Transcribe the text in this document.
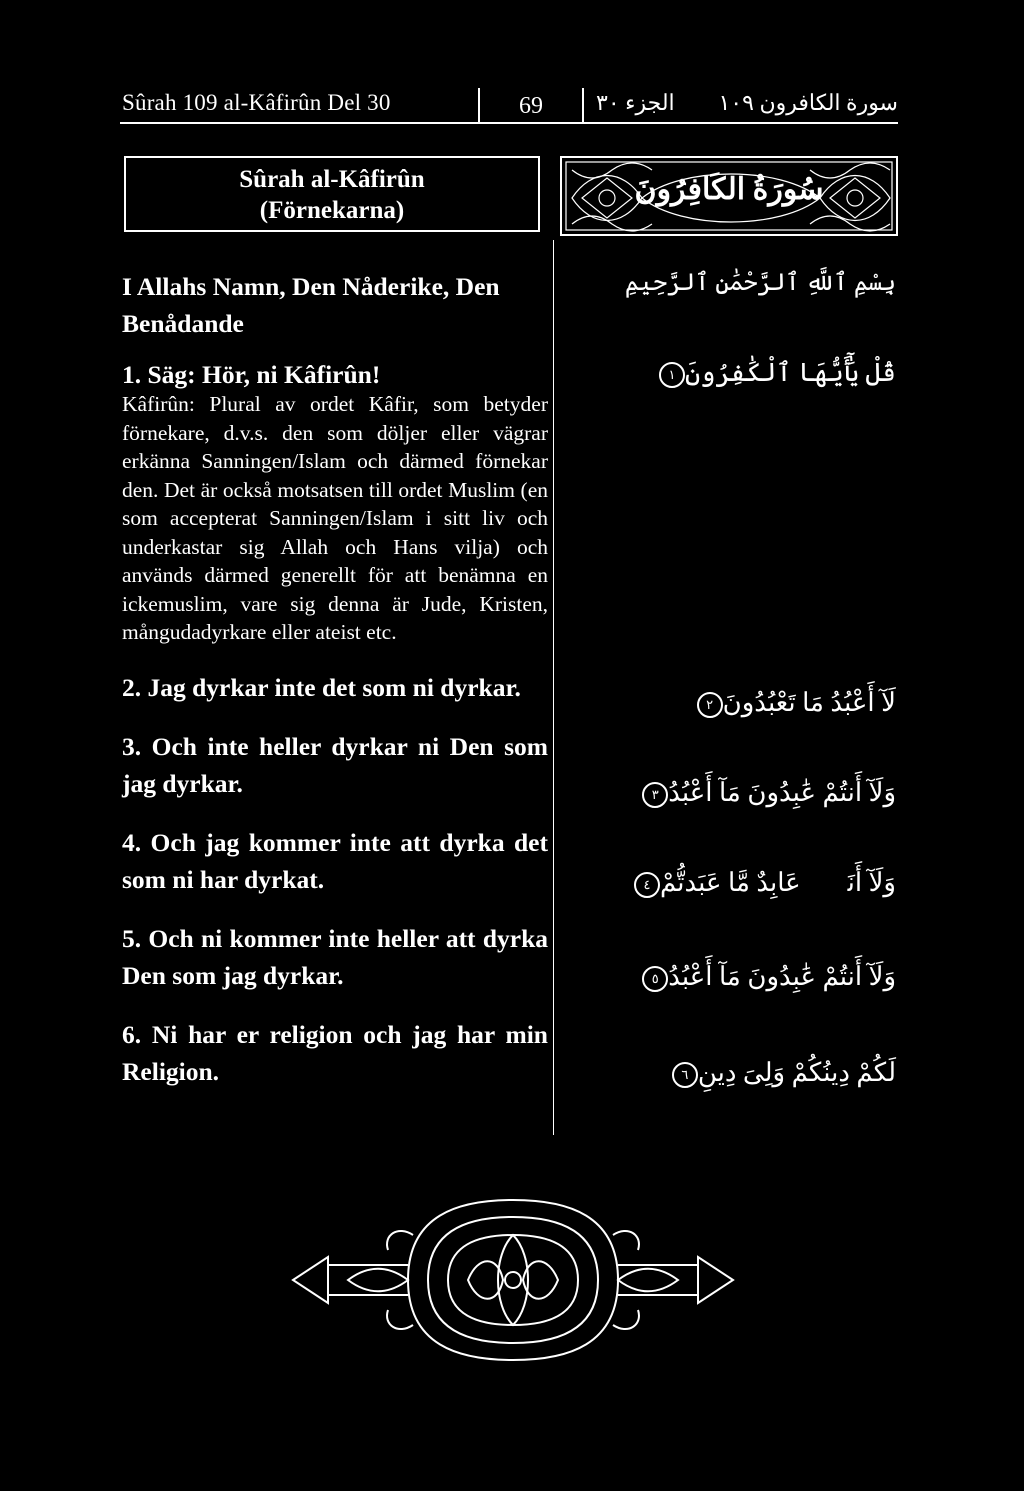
Sûrah 109 al-Kâfirûn Del 30	69	الجزء ٣٠ سورة الكافرون ١٠٩
Sûrah al-Kâfirûn
(Förnekarna)
سُورَةُ الكَافِرُونَ
I Allahs Namn, Den Nåderike, Den Benådande
1. Säg: Hör, ni Kâfirûn!
Kâfirûn: Plural av ordet Kâfir, som betyder förnekare, d.v.s. den som döljer eller vägrar erkänna Sanningen/Islam och därmed förnekar den. Det är också motsatsen till ordet Muslim (en som accepterat Sanningen/Islam i sitt liv och underkastar sig Allah och Hans vilja) och används därmed generellt för att benämna en ickemuslim, vare sig denna är Jude, Kristen, mångudadyrkare eller ateist etc.
2. Jag dyrkar inte det som ni dyrkar.
3. Och inte heller dyrkar ni Den som jag dyrkar.
4. Och jag kommer inte att dyrka det som ni har dyrkat.
5. Och ni kommer inte heller att dyrka Den som jag dyrkar.
6. Ni har er religion och jag har min Religion.
بِسْمِ ٱللَّهِ ٱلرَّحْمَٰنِ ٱلرَّحِيمِ
قُلْ يَٰٓأَيُّهَا ٱلْكَٰفِرُونَ١
لَآ أَعْبُدُ مَا تَعْبُدُونَ٢
وَلَآ أَنتُمْ عَٰبِدُونَ مَآ أَعْبُدُ٣
وَلَآ أَنَا۠ عَابِدٌ مَّا عَبَدتُّمْ٤
وَلَآ أَنتُمْ عَٰبِدُونَ مَآ أَعْبُدُ٥
لَكُمْ دِينُكُمْ وَلِىَ دِينِ٦
